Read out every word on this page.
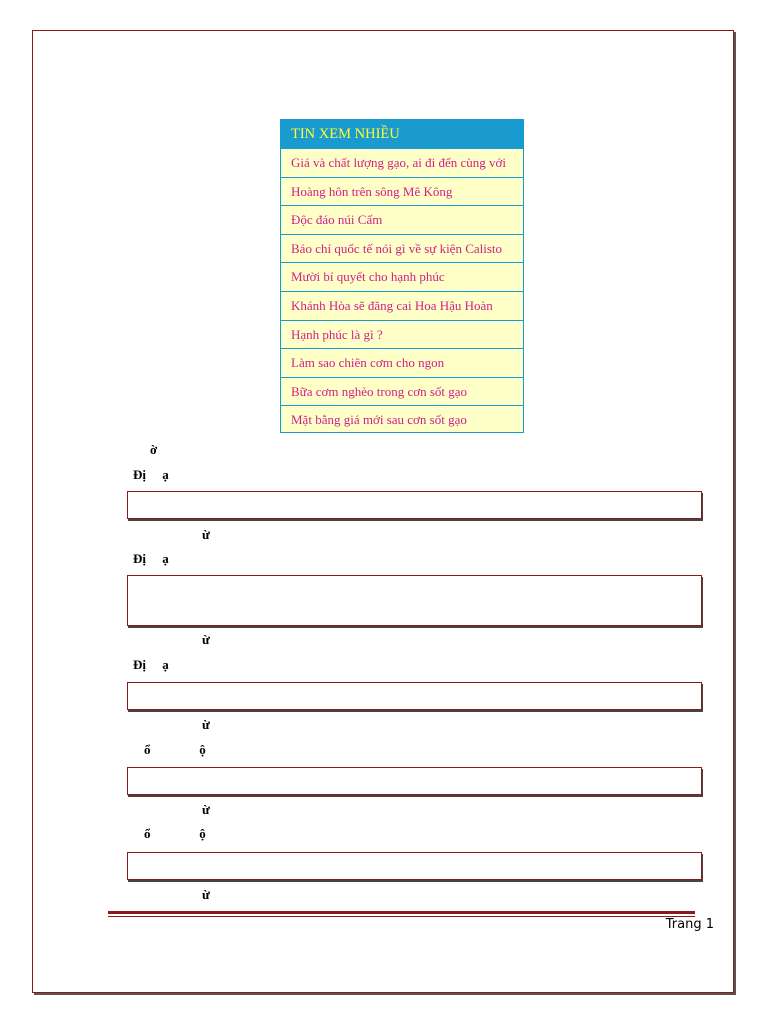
TIN XEM NHIỀU
Giá và chất lượng gạo, ai đi đến cùng với
Hoàng hôn trên sông Mê Kông
Độc đáo núi Cấm
Báo chí quốc tế nói gì về sự kiện Calisto
Mười bí quyết cho hạnh phúc
Khánh Hòa sẽ đăng cai Hoa Hậu Hoàn
Hạnh phúc là gì ?
Làm sao chiên cơm cho ngon
Bữa cơm nghèo trong cơn sốt gạo
Mặt bằng giá mới sau cơn sốt gạo
ờ
Đị     ạ
ừ
Đị     ạ
ừ
Đị     ạ
ừ
ổ               ộ
ừ
ổ               ộ
ừ
Trang 1
